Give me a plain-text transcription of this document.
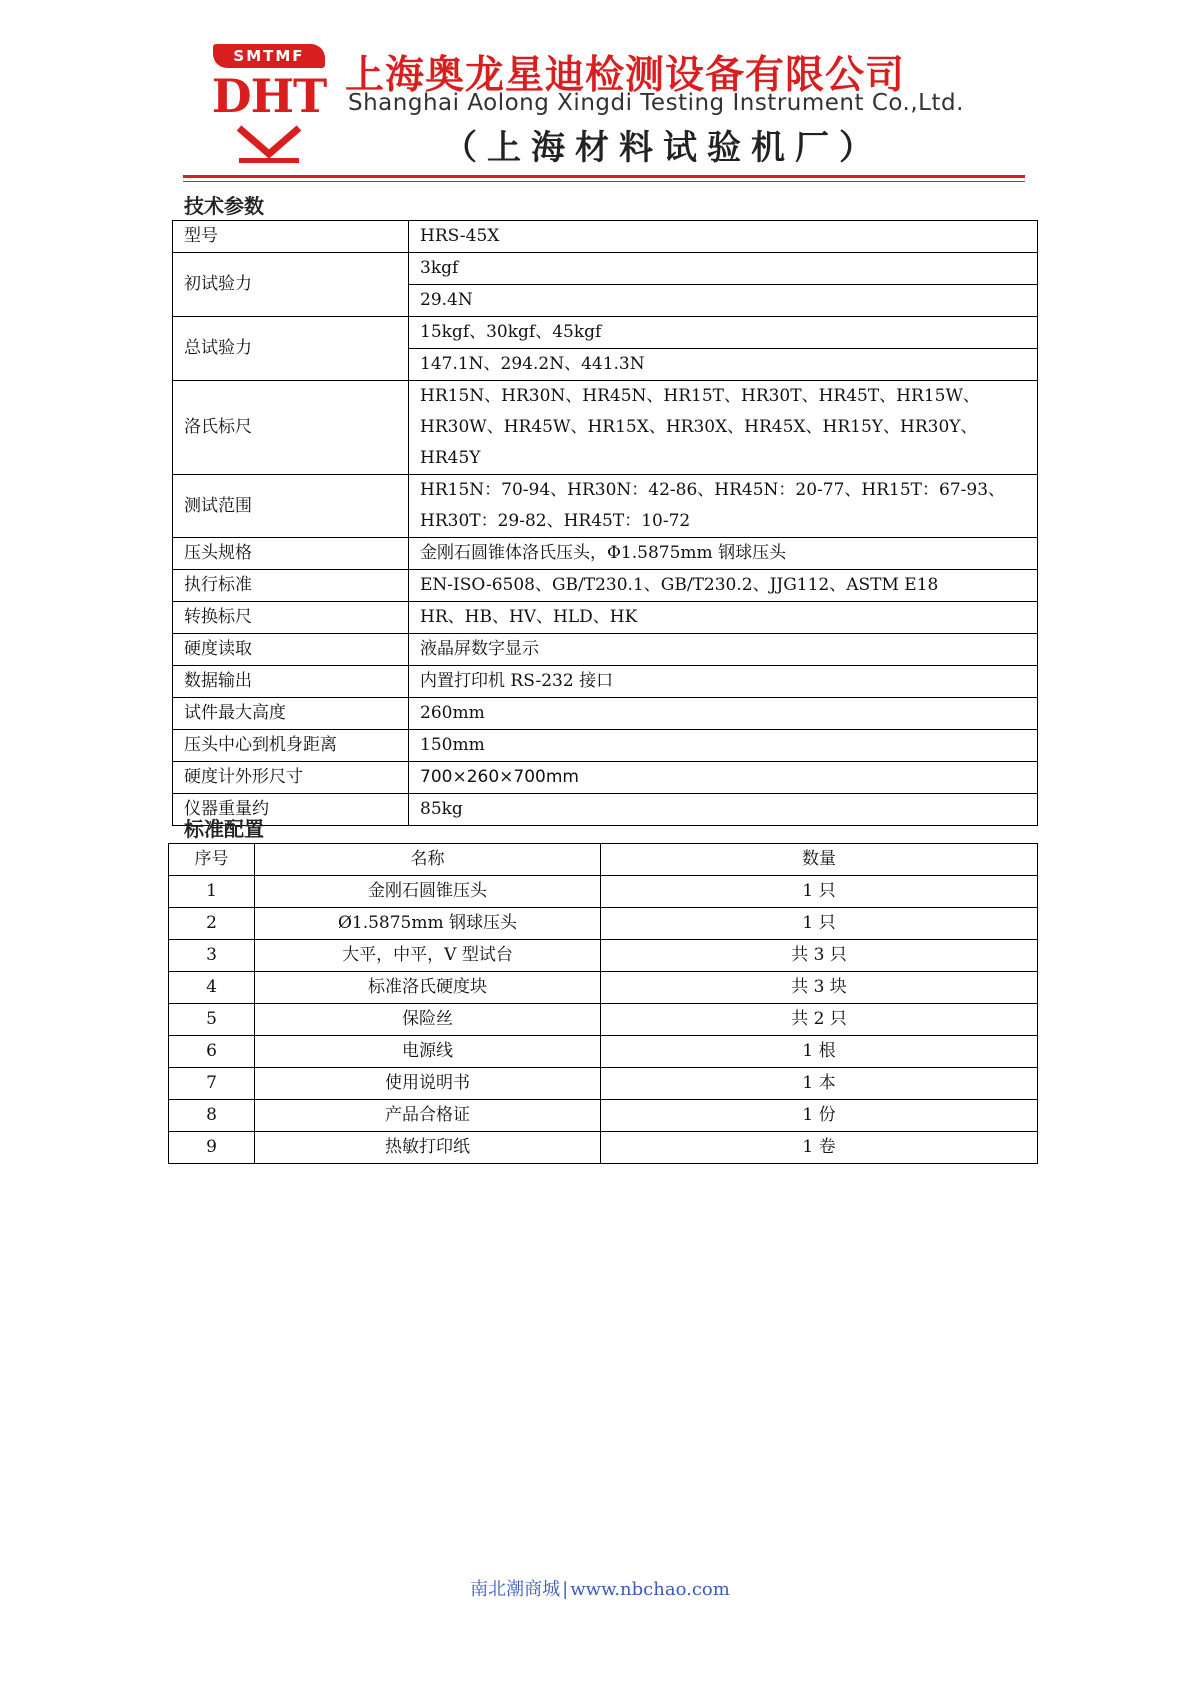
SMTMF
DHT 上海奥龙星迪检测设备有限公司
Shanghai Aolong Xingdi Testing Instrument Co.,Ltd.
（上海材料试验机厂）
技术参数
型号	HRS-45X
初试验力	3kgf
	29.4N
总试验力	15kgf、30kgf、45kgf
	147.1N、294.2N、441.3N
洛氏标尺	HR15N、HR30N、HR45N、HR15T、HR30T、HR45T、HR15W、HR30W、HR45W、HR15X、HR30X、HR45X、HR15Y、HR30Y、HR45Y
测试范围	HR15N：70-94、HR30N：42-86、HR45N：20-77、HR15T：67-93、HR30T：29-82、HR45T：10-72
压头规格	金刚石圆锥体洛氏压头，Φ1.5875mm 钢球压头
执行标准	EN-ISO-6508、GB/T230.1、GB/T230.2、JJG112、ASTM E18
转换标尺	HR、HB、HV、HLD、HK
硬度读取	液晶屏数字显示
数据输出	内置打印机 RS-232 接口
试件最大高度	260mm
压头中心到机身距离	150mm
硬度计外形尺寸	700×260×700mm
仪器重量约	85kg
标准配置
序号	名称	数量
1	金刚石圆锥压头	1 只
2	Ø1.5875mm 钢球压头	1 只
3	大平，中平，V 型试台	共 3 只
4	标准洛氏硬度块	共 3 块
5	保险丝	共 2 只
6	电源线	1 根
7	使用说明书	1 本
8	产品合格证	1 份
9	热敏打印纸	1 卷
南北潮商城 | www.nbchao.com
